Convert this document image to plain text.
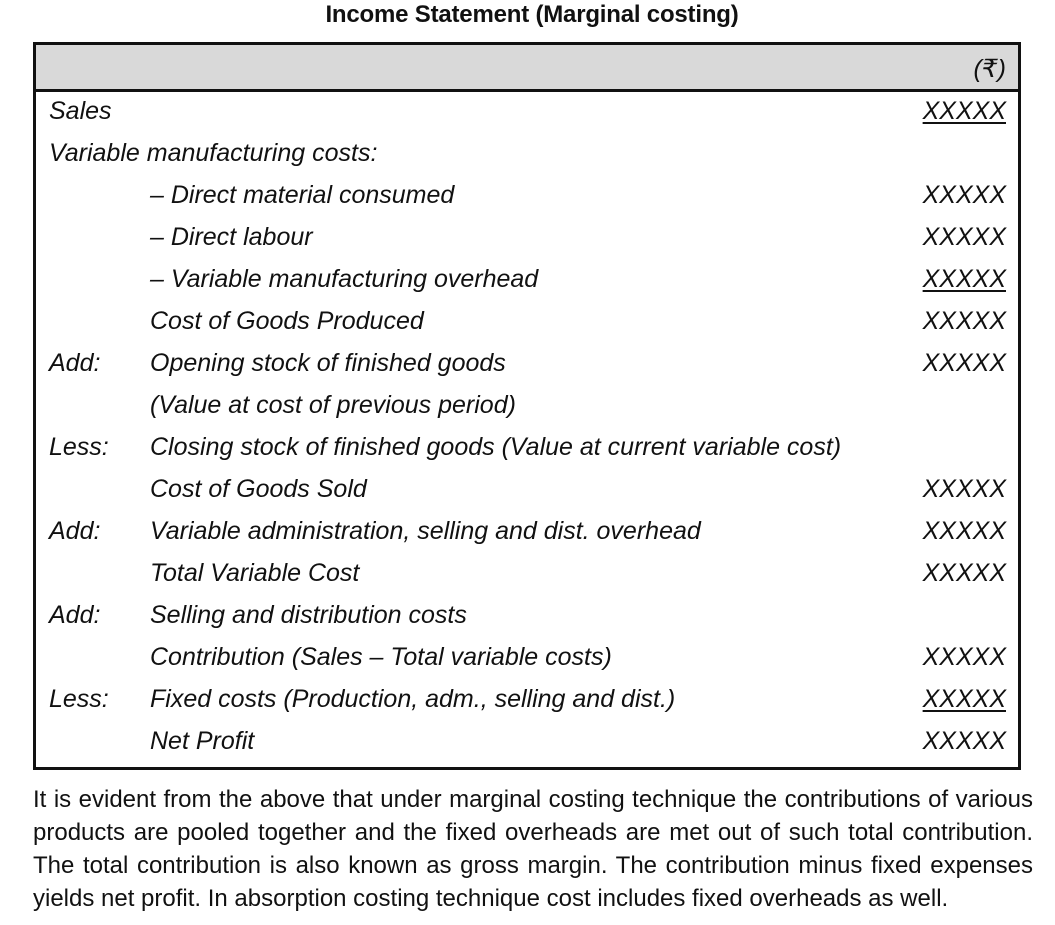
Income Statement (Marginal costing)
(₹)
Sales	XXXXX
Variable manufacturing costs:
– Direct material consumed	XXXXX
– Direct labour	XXXXX
– Variable manufacturing overhead	XXXXX
Cost of Goods Produced	XXXXX
Add: Opening stock of finished goods	XXXXX
(Value at cost of previous period)
Less: Closing stock of finished goods (Value at current variable cost)
Cost of Goods Sold	XXXXX
Add: Variable administration, selling and dist. overhead	XXXXX
Total Variable Cost	XXXXX
Add: Selling and distribution costs
Contribution (Sales – Total variable costs)	XXXXX
Less: Fixed costs (Production, adm., selling and dist.)	XXXXX
Net Profit	XXXXX

It is evident from the above that under marginal costing technique the contributions of various products are pooled together and the fixed overheads are met out of such total contribution. The total contribution is also known as gross margin. The contribution minus fixed expenses yields net profit. In absorption costing technique cost includes fixed overheads as well.
